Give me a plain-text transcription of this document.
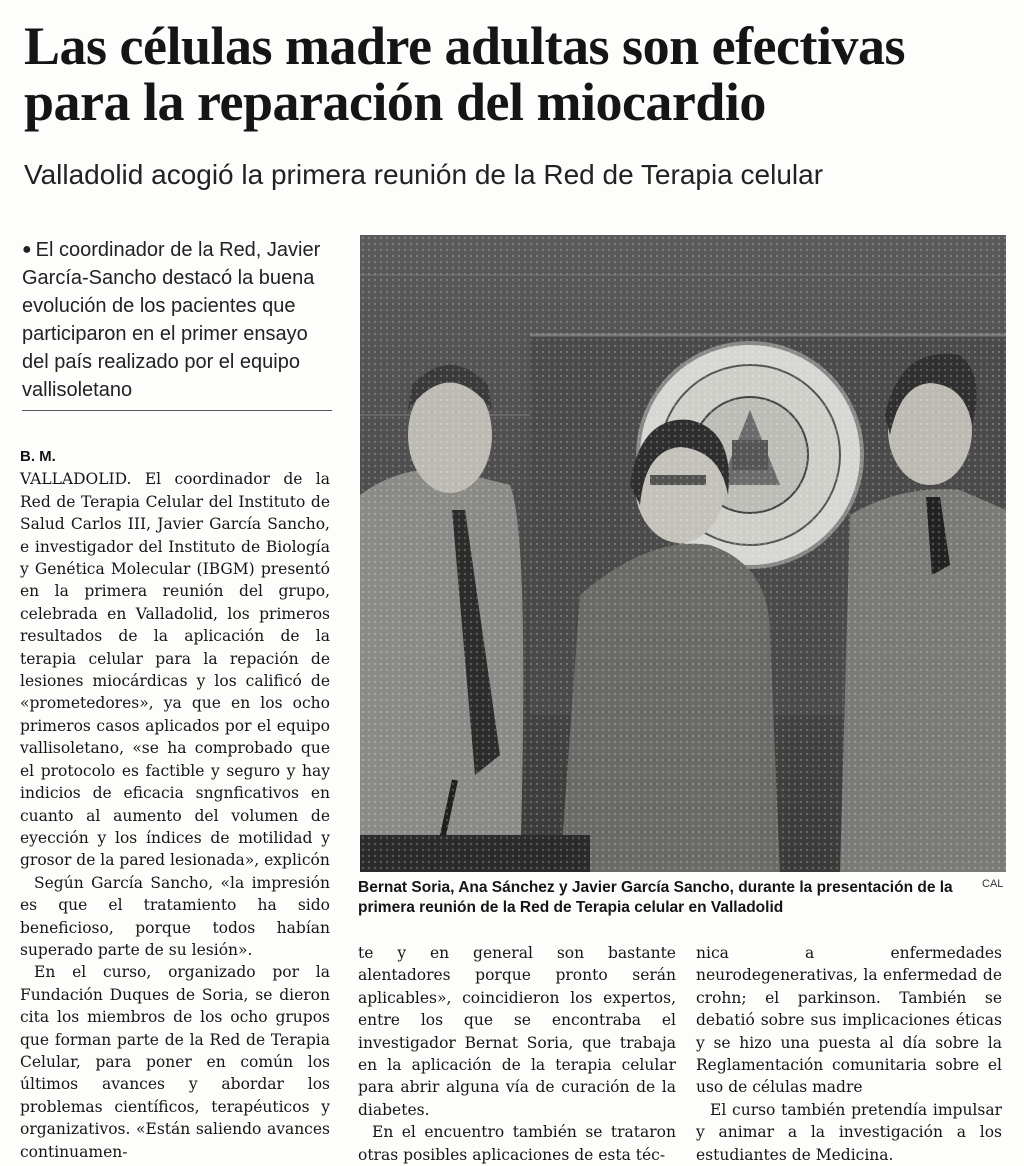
Las células madre adultas son efectivas para la reparación del miocardio
Valladolid acogió la primera reunión de la Red de Terapia celular
● El coordinador de la Red, Javier García-Sancho destacó la buena evolución de los pacientes que participaron en el primer ensayo del país realizado por el equipo vallisoletano
B. M.

VALLADOLID. El coordinador de la Red de Terapia Celular del Instituto de Salud Carlos III, Javier García Sancho, e investigador del Instituto de Biología y Genética Molecular (IBGM) presentó en la primera reunión del grupo, celebrada en Valladolid, los primeros resultados de la aplicación de la terapia celular para la repación de lesiones miocárdicas y los calificó de «prometedores», ya que en los ocho primeros casos aplicados por el equipo vallisoletano, «se ha comprobado que el protocolo es factible y seguro y hay indicios de eficacia sngnficativos en cuanto al aumento del volumen de eyección y los índices de motilidad y grosor de la pared lesionada», explicón

Según García Sancho, «la impresión es que el tratamiento ha sido beneficioso, porque todos habían superado parte de su lesión».

En el curso, organizado por la Fundación Duques de Soria, se dieron cita los miembros de los ocho grupos que forman parte de la Red de Terapia Celular, para poner en común los últimos avances y abordar los problemas científicos, terapéuticos y organizativos. «Están saliendo avances continuamen-

Bernat Soria, Ana Sánchez y Javier García Sancho, durante la presentación de la primera reunión de la Red de Terapia celular en Valladolid
CAL

te y en general son bastante alentadores porque pronto serán aplicables», coincidieron los expertos, entre los que se encontraba el investigador Bernat Soria, que trabaja en la aplicación de la terapia celular para abrir alguna vía de curación de la diabetes.

En el encuentro también se trataron otras posibles aplicaciones de esta téc-

nica a enfermedades neurodegenerativas, la enfermedad de crohn; el parkinson. También se debatió sobre sus implicaciones éticas y se hizo una puesta al día sobre la Reglamentación comunitaria sobre el uso de células madre

El curso también pretendía impulsar y animar a la investigación a los estudiantes de Medicina.
